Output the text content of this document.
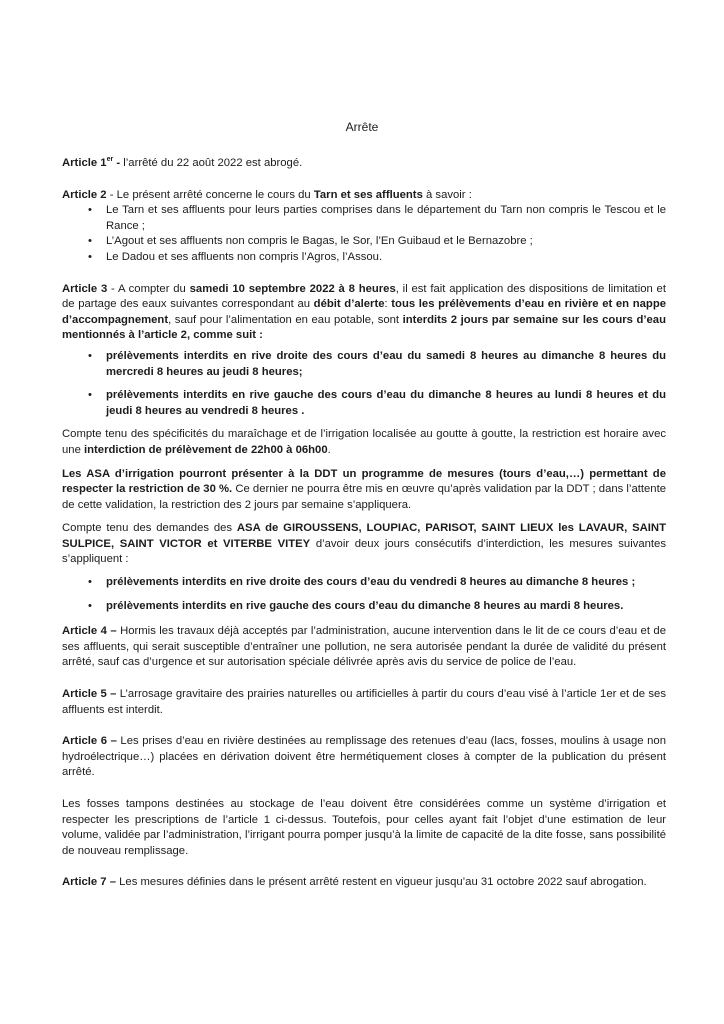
Arrête

Article 1er - l’arrêté du 22 août 2022 est abrogé.

Article 2 - Le présent arrêté concerne le cours du Tarn et ses affluents à savoir :

• Le Tarn et ses affluents pour leurs parties comprises dans le département du Tarn non compris le Tescou et le Rance ;
• L’Agout et ses affluents non compris le Bagas, le Sor, l’En Guibaud et le Bernazobre ;
• Le Dadou et ses affluents non compris l’Agros, l’Assou.

Article 3 - A compter du samedi 10 septembre 2022 à 8 heures, il est fait application des dispositions de limitation et de partage des eaux suivantes correspondant au débit d’alerte: tous les prélèvements d’eau en rivière et en nappe d’accompagnement, sauf pour l’alimentation en eau potable, sont interdits 2 jours par semaine sur les cours d’eau mentionnés à l’article 2, comme suit :

• prélèvements interdits en rive droite des cours d’eau du samedi 8 heures au dimanche 8 heures du mercredi 8 heures au jeudi 8 heures;
• prélèvements interdits en rive gauche des cours d’eau du dimanche 8 heures au lundi 8 heures et du jeudi 8 heures au vendredi 8 heures .

Compte tenu des spécificités du maraîchage et de l’irrigation localisée au goutte à goutte, la restriction est horaire avec une interdiction de prélèvement de 22h00 à 06h00.

Les ASA d’irrigation pourront présenter à la DDT un programme de mesures (tours d’eau,…) permettant de respecter la restriction de 30 %. Ce dernier ne pourra être mis en œuvre qu’après validation par la DDT ; dans l’attente de cette validation, la restriction des 2 jours par semaine s’appliquera.

Compte tenu des demandes des ASA de GIROUSSENS, LOUPIAC, PARISOT, SAINT LIEUX les LAVAUR, SAINT SULPICE, SAINT VICTOR et VITERBE VITEY d’avoir deux jours consécutifs d’interdiction, les mesures suivantes s’appliquent :

• prélèvements interdits en rive droite des cours d’eau du vendredi 8 heures au dimanche 8 heures ;
• prélèvements interdits en rive gauche des cours d’eau du dimanche 8 heures au mardi 8 heures.

Article 4 – Hormis les travaux déjà acceptés par l’administration, aucune intervention dans le lit de ce cours d’eau et de ses affluents, qui serait susceptible d’entraîner une pollution, ne sera autorisée pendant la durée de validité du présent arrêté, sauf cas d’urgence et sur autorisation spéciale délivrée après avis du service de police de l’eau.

Article 5 – L’arrosage gravitaire des prairies naturelles ou artificielles à partir du cours d’eau visé à l’article 1er et de ses affluents est interdit.

Article 6 – Les prises d’eau en rivière destinées au remplissage des retenues d’eau (lacs, fosses, moulins à usage non hydroélectrique…) placées en dérivation doivent être hermétiquement closes à compter de la publication du présent arrêté.

Les fosses tampons destinées au stockage de l’eau doivent être considérées comme un système d’irrigation et respecter les prescriptions de l’article 1 ci-dessus. Toutefois, pour celles ayant fait l’objet d’une estimation de leur volume, validée par l’administration, l’irrigant pourra pomper jusqu’à la limite de capacité de la dite fosse, sans possibilité de nouveau remplissage.

Article 7 – Les mesures définies dans le présent arrêté restent en vigueur jusqu’au 31 octobre 2022 sauf abrogation.
